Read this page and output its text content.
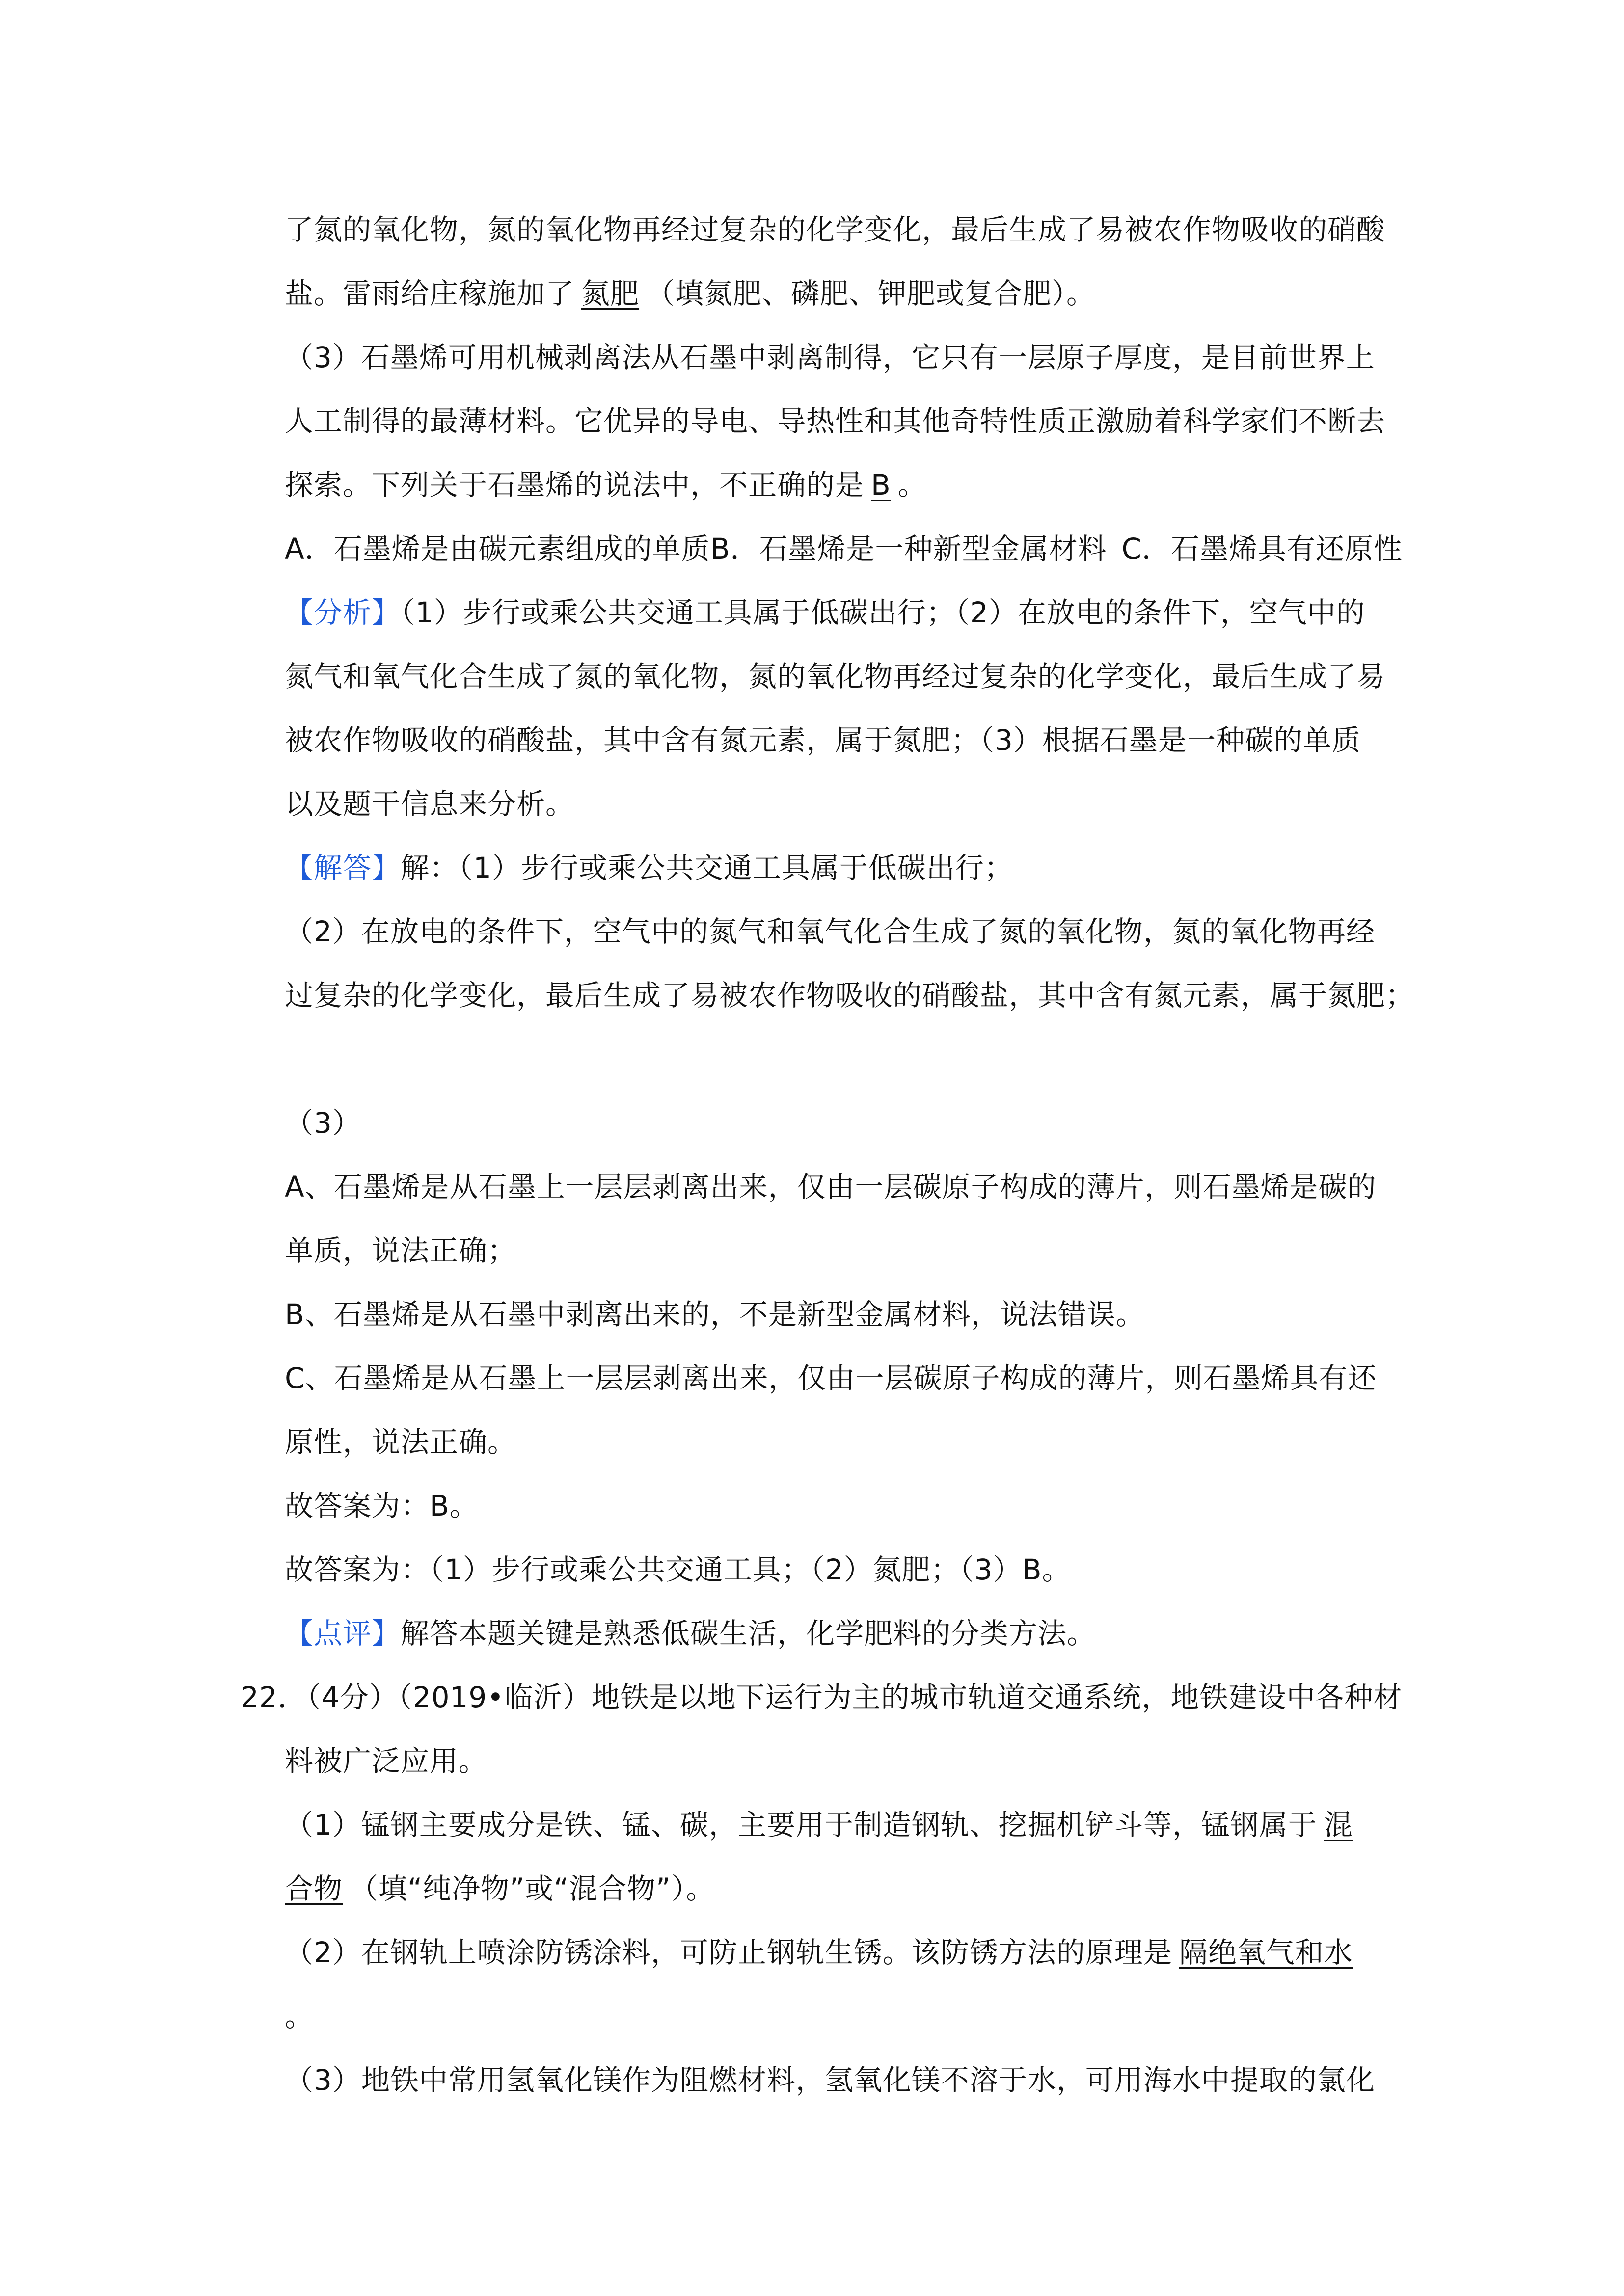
了氮的氧化物，氮的氧化物再经过复杂的化学变化，最后生成了易被农作物吸收的硝酸

盐。雷雨给庄稼施加了 氮肥 （填氮肥、磷肥、钾肥或复合肥）。

（3）石墨烯可用机械剥离法从石墨中剥离制得，它只有一层原子厚度，是目前世界上

人工制得的最薄材料。它优异的导电、导热性和其他奇特性质正激励着科学家们不断去

探索。下列关于石墨烯的说法中，不正确的是 B 。

A．石墨烯是由碳元素组成的单质B．石墨烯是一种新型金属材料 C．石墨烯具有还原性

【分析】（1）步行或乘公共交通工具属于低碳出行；（2）在放电的条件下，空气中的

氮气和氧气化合生成了氮的氧化物，氮的氧化物再经过复杂的化学变化，最后生成了易

被农作物吸收的硝酸盐，其中含有氮元素，属于氮肥；（3）根据石墨是一种碳的单质

以及题干信息来分析。

【解答】解：（1）步行或乘公共交通工具属于低碳出行；

（2）在放电的条件下，空气中的氮气和氧气化合生成了氮的氧化物，氮的氧化物再经

过复杂的化学变化，最后生成了易被农作物吸收的硝酸盐，其中含有氮元素，属于氮肥；

（3）

A、石墨烯是从石墨上一层层剥离出来，仅由一层碳原子构成的薄片，则石墨烯是碳的

单质，说法正确；

B、石墨烯是从石墨中剥离出来的，不是新型金属材料，说法错误。

C、石墨烯是从石墨上一层层剥离出来，仅由一层碳原子构成的薄片，则石墨烯具有还

原性，说法正确。

故答案为：B。

故答案为：（1）步行或乘公共交通工具；（2）氮肥；（3）B。

【点评】解答本题关键是熟悉低碳生活，化学肥料的分类方法。

22．（4分）（2019•临沂）地铁是以地下运行为主的城市轨道交通系统，地铁建设中各种材

料被广泛应用。

（1）锰钢主要成分是铁、锰、碳，主要用于制造钢轨、挖掘机铲斗等，锰钢属于 混

合物 （填“纯净物”或“混合物”）。

（2）在钢轨上喷涂防锈涂料，可防止钢轨生锈。该防锈方法的原理是 隔绝氧气和水

。

（3）地铁中常用氢氧化镁作为阻燃材料，氢氧化镁不溶于水，可用海水中提取的氯化
